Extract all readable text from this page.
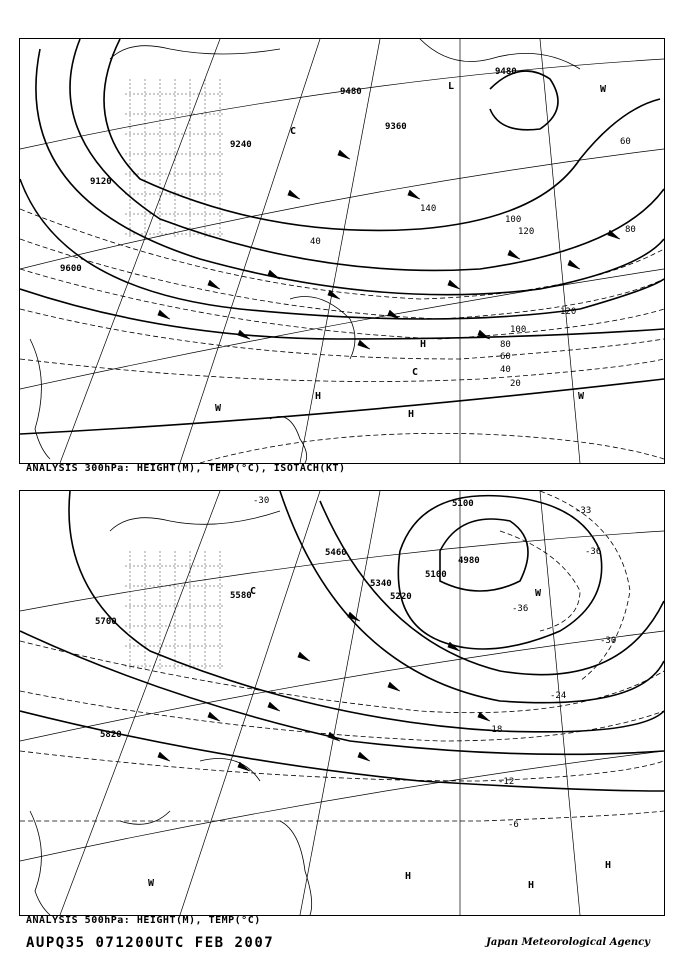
9480
9360
9240
9120
9480
9600
120
100
80
60
40
20
40
60
80
100
120
140
L
H
H
H
W
W
W
C
C
ANALYSIS 300hPa: HEIGHT(M), TEMP(°C), ISOTACH(KT)
5100
4980
5100
5220
5340
5460
5580
5700
5820
-30
-33
-36
-36
-30
-24
-18
-12
-6
H
H
H
W
W
C
ANALYSIS 500hPa: HEIGHT(M), TEMP(°C)
AUPQ35 071200UTC FEB 2007	Japan Meteorological Agency
